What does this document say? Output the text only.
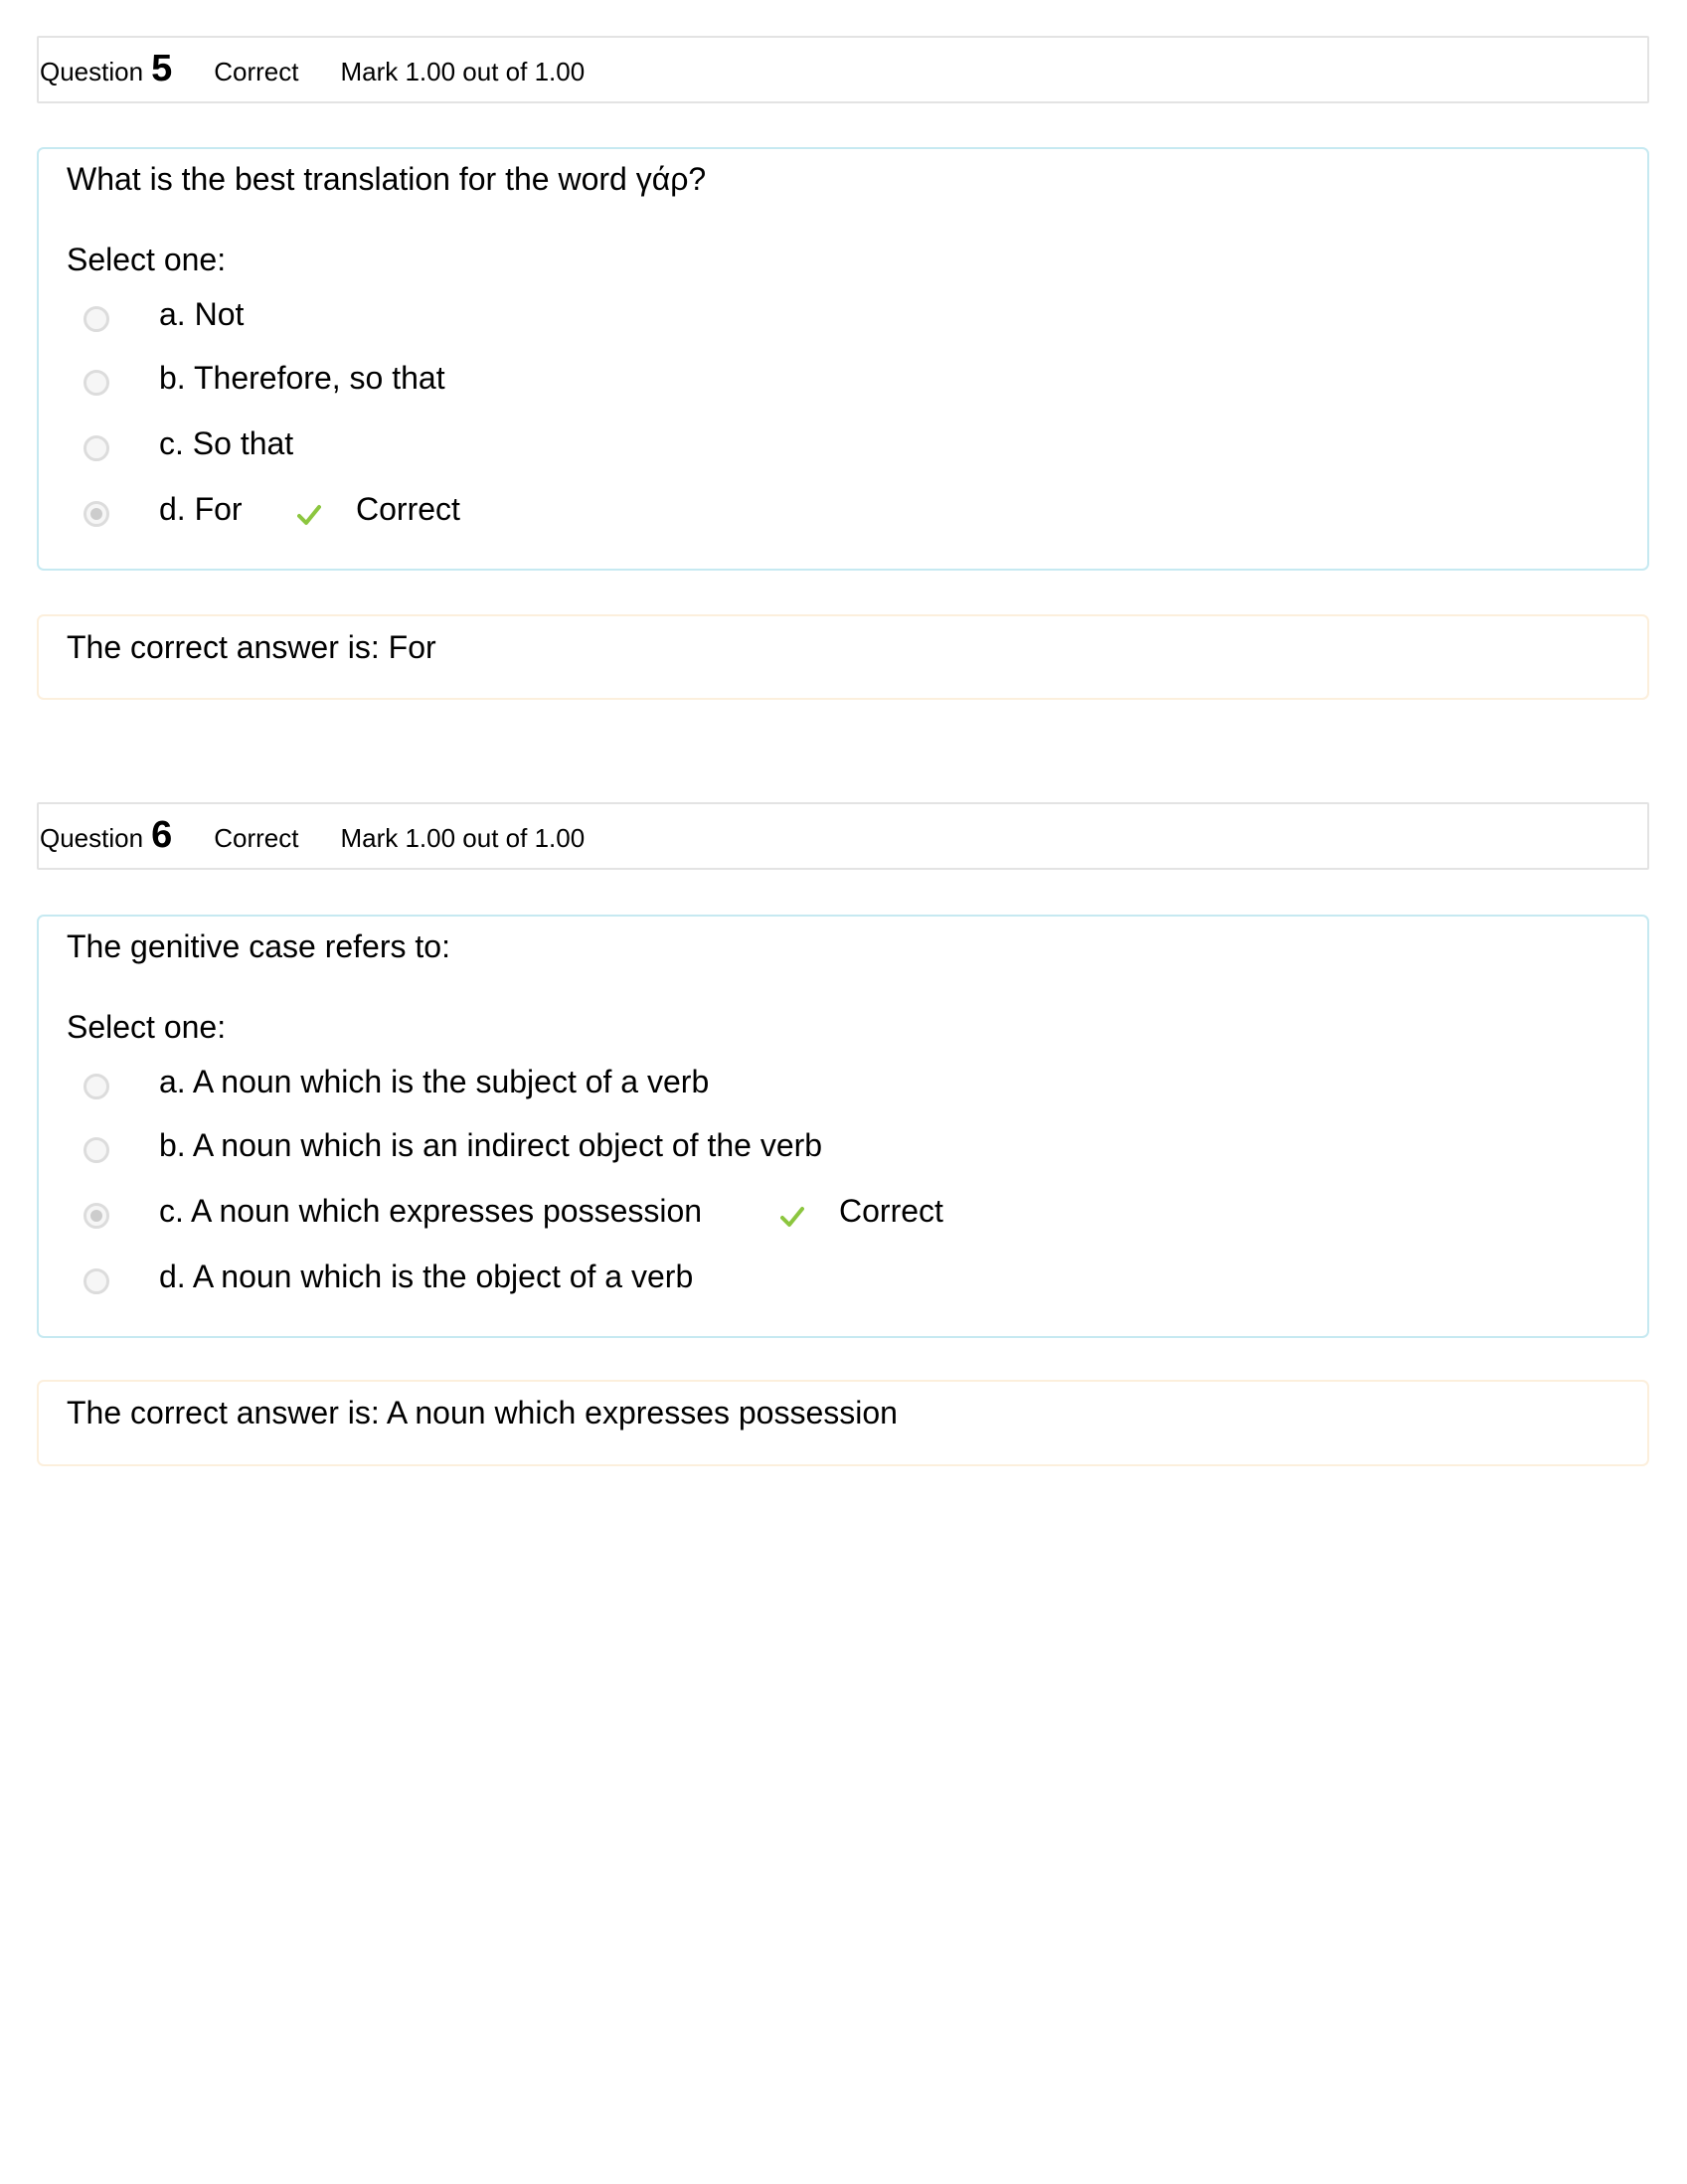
Question 5 Correct Mark 1.00 out of 1.00
What is the best translation for the word γάρ?
Select one:
a. Not
b. Therefore, so that
c. So that
d. For	Correct
The correct answer is: For
Question 6 Correct Mark 1.00 out of 1.00
The genitive case refers to:
Select one:
a. A noun which is the subject of a verb
b. A noun which is an indirect object of the verb
c. A noun which expresses possession	Correct
d. A noun which is the object of a verb
The correct answer is: A noun which expresses possession
